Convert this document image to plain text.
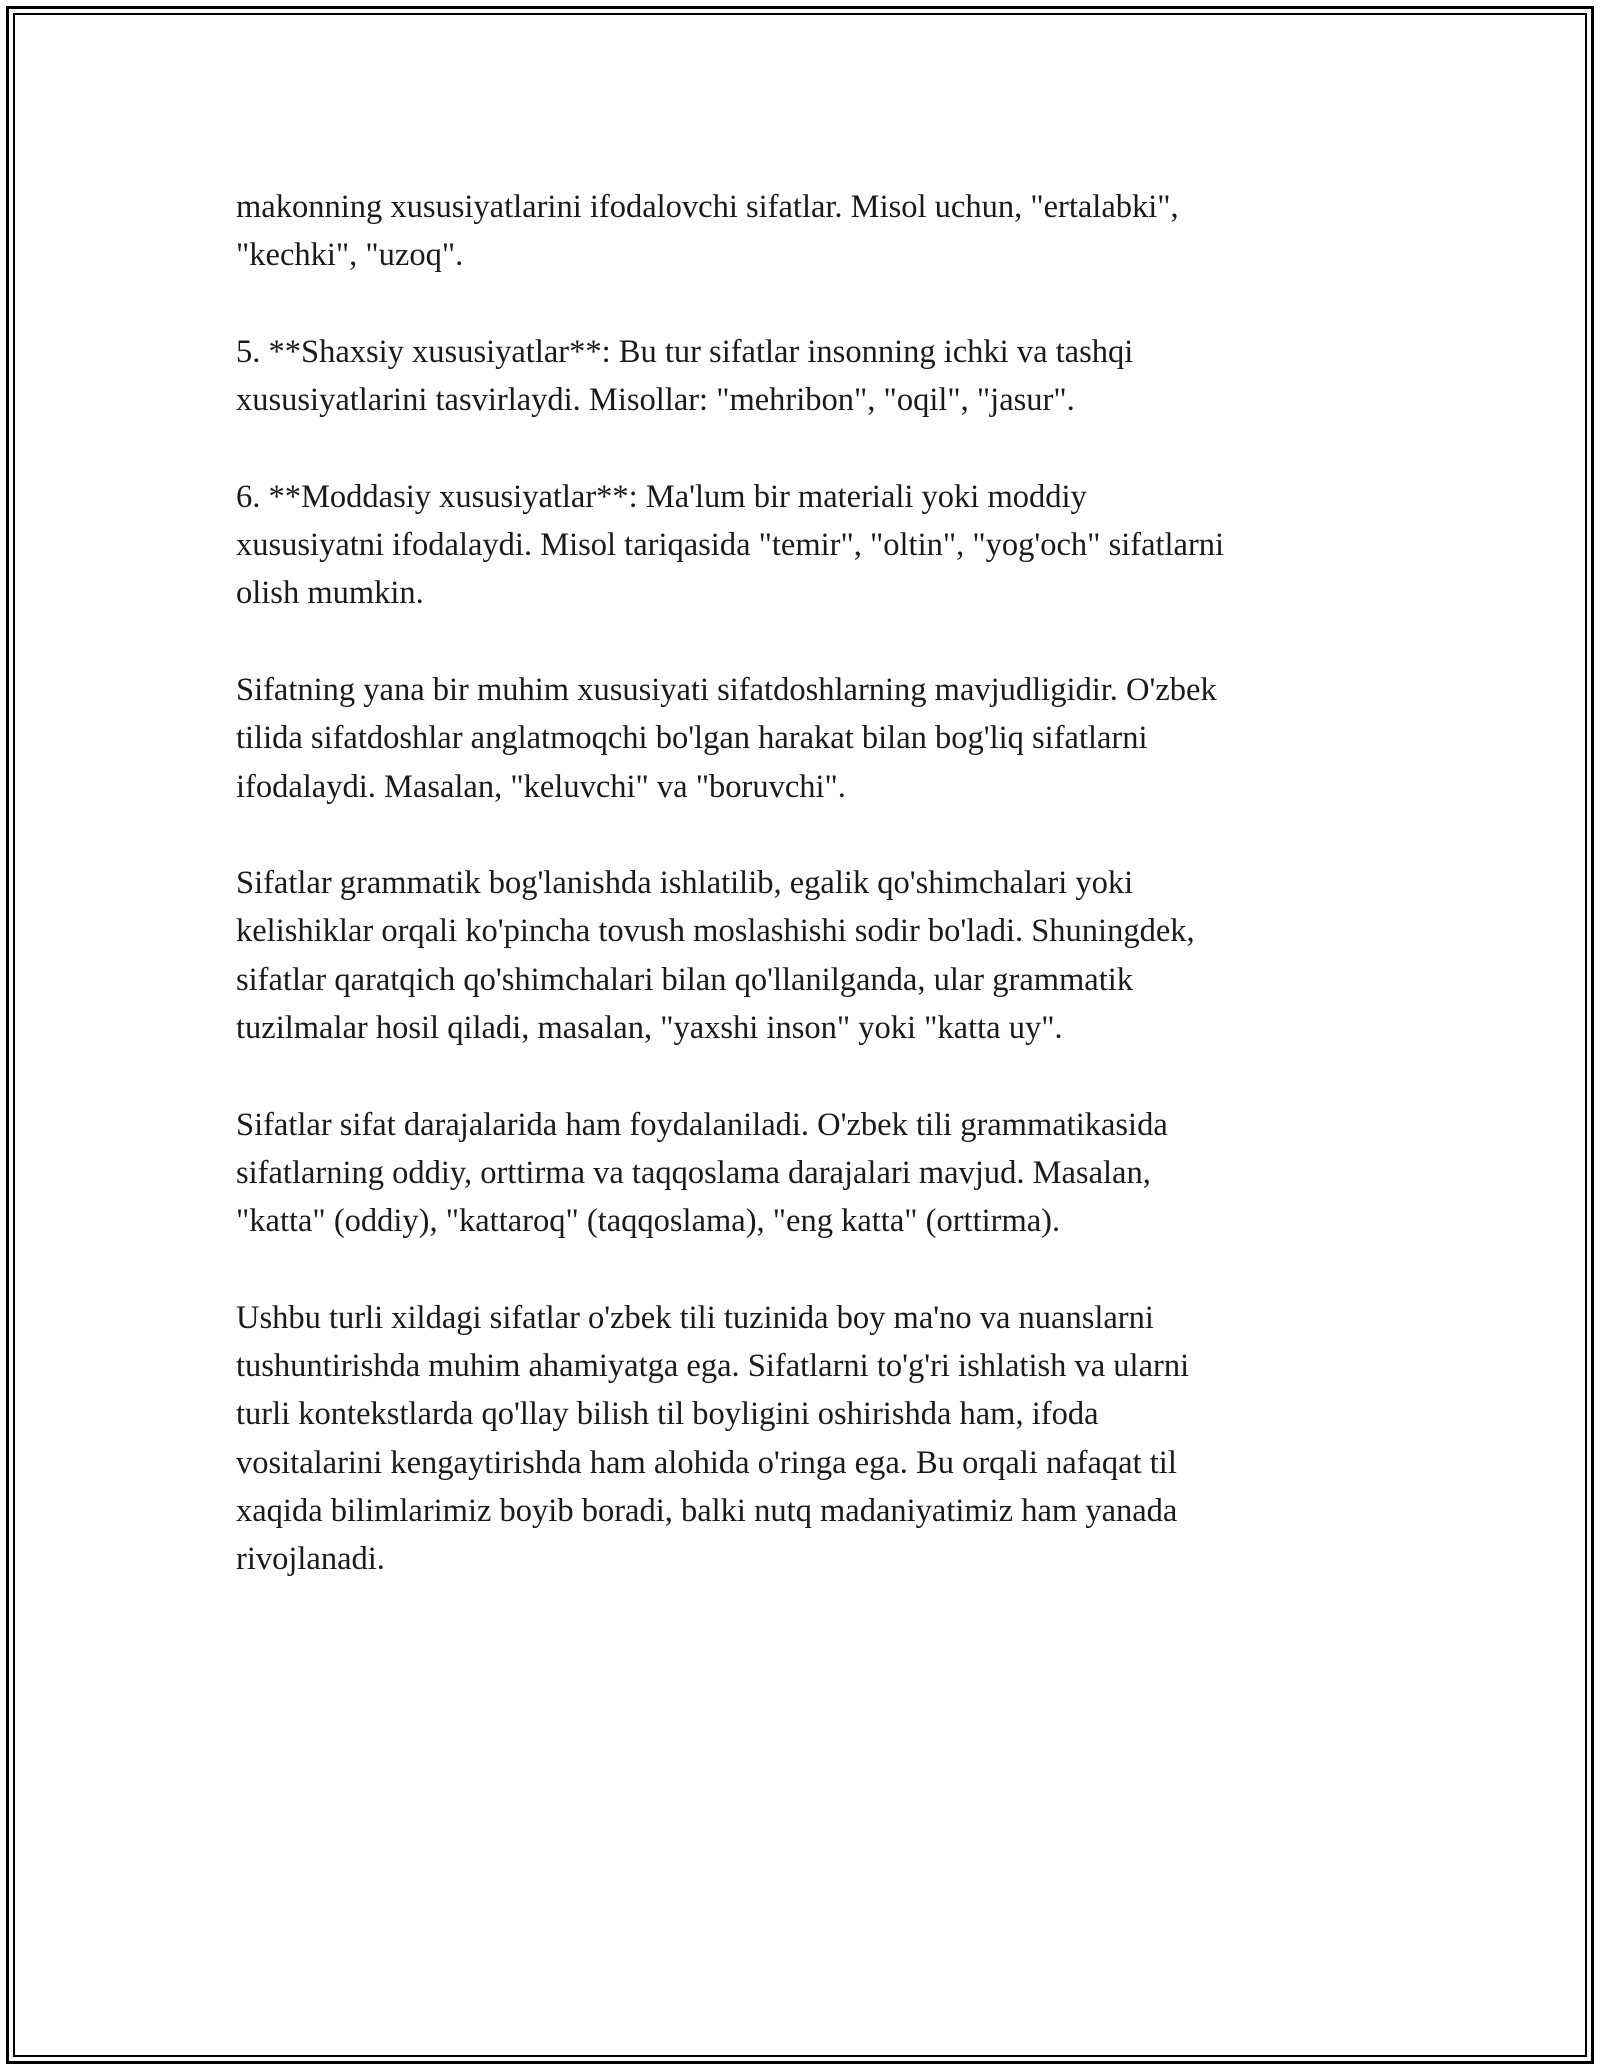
makonning xususiyatlarini ifodalovchi sifatlar. Misol uchun, "ertalabki",
"kechki", "uzoq".

5. **Shaxsiy xususiyatlar**: Bu tur sifatlar insonning ichki va tashqi
xususiyatlarini tasvirlaydi. Misollar: "mehribon", "oqil", "jasur".

6. **Moddasiy xususiyatlar**: Ma'lum bir materiali yoki moddiy
xususiyatni ifodalaydi. Misol tariqasida "temir", "oltin", "yog'och" sifatlarni
olish mumkin.

Sifatning yana bir muhim xususiyati sifatdoshlarning mavjudligidir. O'zbek
tilida sifatdoshlar anglatmoqchi bo'lgan harakat bilan bog'liq sifatlarni
ifodalaydi. Masalan, "keluvchi" va "boruvchi".

Sifatlar grammatik bog'lanishda ishlatilib, egalik qo'shimchalari yoki
kelishiklar orqali ko'pincha tovush moslashishi sodir bo'ladi. Shuningdek,
sifatlar qaratqich qo'shimchalari bilan qo'llanilganda, ular grammatik
tuzilmalar hosil qiladi, masalan, "yaxshi inson" yoki "katta uy".

Sifatlar sifat darajalarida ham foydalaniladi. O'zbek tili grammatikasida
sifatlarning oddiy, orttirma va taqqoslama darajalari mavjud. Masalan,
"katta" (oddiy), "kattaroq" (taqqoslama), "eng katta" (orttirma).

Ushbu turli xildagi sifatlar o'zbek tili tuzinida boy ma'no va nuanslarni
tushuntirishda muhim ahamiyatga ega. Sifatlarni to'g'ri ishlatish va ularni
turli kontekstlarda qo'llay bilish til boyligini oshirishda ham, ifoda
vositalarini kengaytirishda ham alohida o'ringa ega. Bu orqali nafaqat til
xaqida bilimlarimiz boyib boradi, balki nutq madaniyatimiz ham yanada
rivojlanadi.
